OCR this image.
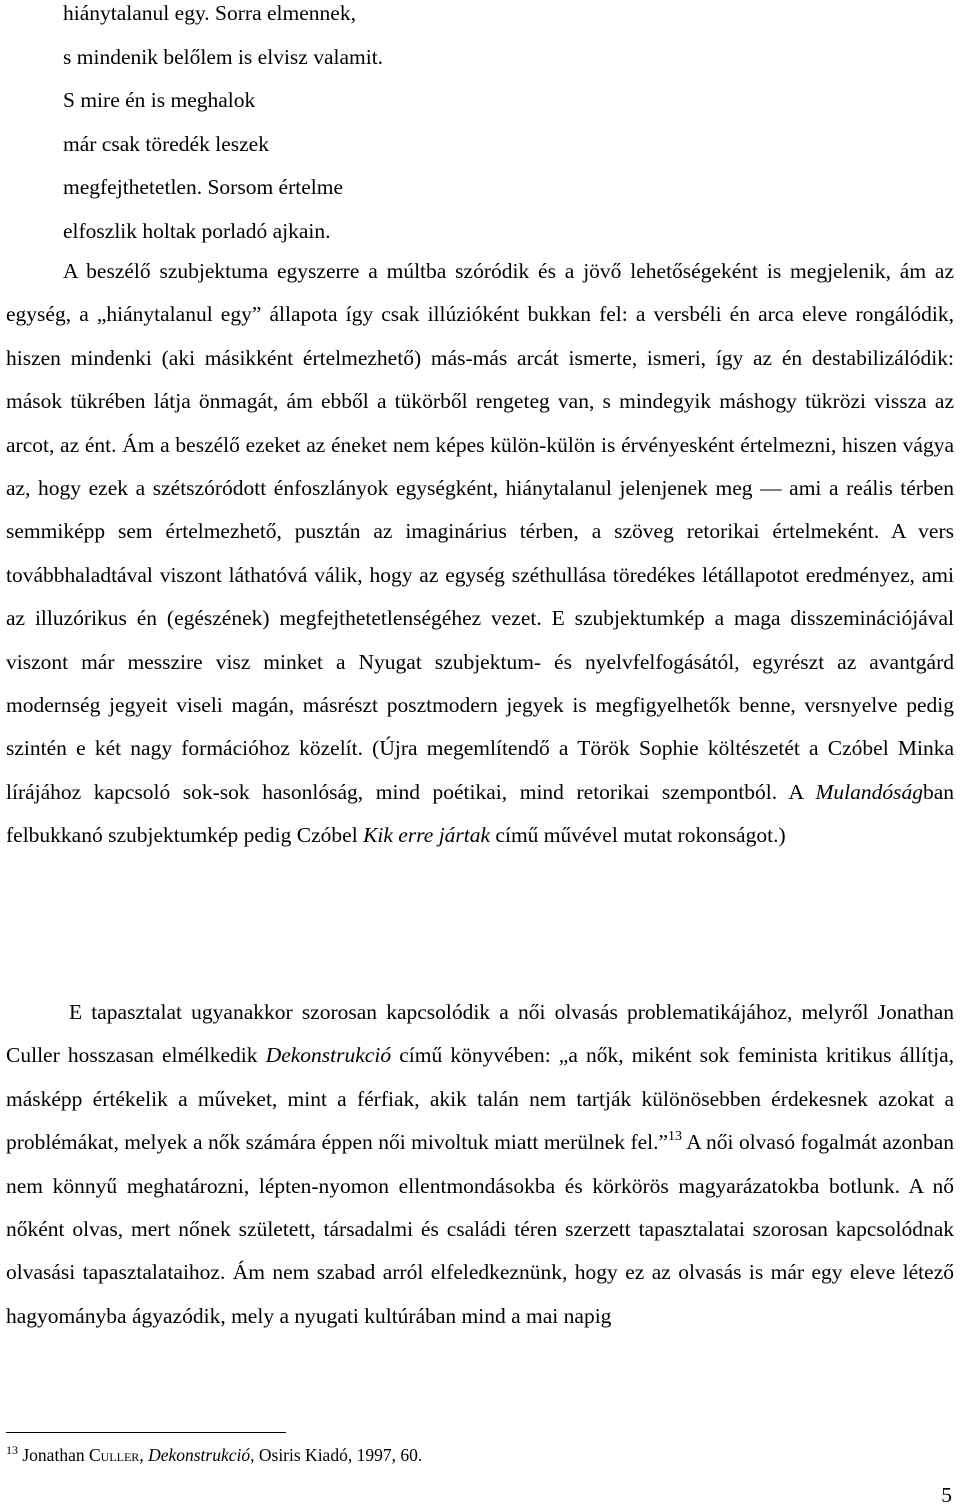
hiánytalanul egy. Sorra elmennek,
s mindenik belőlem is elvisz valamit.
S mire én is meghalok
már csak töredék leszek
megfejthetetlen. Sorsom értelme
elfoszlik holtak porladó ajkain.

A beszélő szubjektuma egyszerre a múltba szóródik és a jövő lehetőségeként is megjelenik, ám az egység, a „hiánytalanul egy” állapota így csak illúzióként bukkan fel: a versbéli én arca eleve rongálódik, hiszen mindenki (aki másikként értelmezhető) más-más arcát ismerte, ismeri, így az én destabilizálódik: mások tükrében látja önmagát, ám ebből a tükörből rengeteg van, s mindegyik máshogy tükrözi vissza az arcot, az ént. Ám a beszélő ezeket az éneket nem képes külön-külön is érvényesként értelmezni, hiszen vágya az, hogy ezek a szétszóródott énfoszlányok egységként, hiánytalanul jelenjenek meg — ami a reális térben semmiképp sem értelmezhető, pusztán az imaginárius térben, a szöveg retorikai értelmeként. A vers továbbhaladtával viszont láthatóvá válik, hogy az egység széthullása töredékes létállapotot eredményez, ami az illuzórikus én (egészének) megfejthetetlenségéhez vezet. E szubjektumkép a maga disszeminációjával viszont már messzire visz minket a Nyugat szubjektum- és nyelvfelfogásától, egyrészt az avantgárd modernség jegyeit viseli magán, másrészt posztmodern jegyek is megfigyelhetők benne, versnyelve pedig szintén e két nagy formációhoz közelít. (Újra megemlítendő a Török Sophie költészetét a Czóbel Minka lírájához kapcsoló sok-sok hasonlóság, mind poétikai, mind retorikai szempontból. A Mulandóságban felbukkanó szubjektumkép pedig Czóbel Kik erre jártak című művével mutat rokonságot.)

E tapasztalat ugyanakkor szorosan kapcsolódik a női olvasás problematikájához, melyről Jonathan Culler hosszasan elmélkedik Dekonstrukció című könyvében: „a nők, miként sok feminista kritikus állítja, másképp értékelik a műveket, mint a férfiak, akik talán nem tartják különösebben érdekesnek azokat a problémákat, melyek a nők számára éppen női mivoltuk miatt merülnek fel.”$^{13}$ A női olvasó fogalmát azonban nem könnyű meghatározni, lépten-nyomon ellentmondásokba és körkörös magyarázatokba botlunk. A nő nőként olvas, mert nőnek született, társadalmi és családi téren szerzett tapasztalatai szorosan kapcsolódnak olvasási tapasztalataihoz. Ám nem szabad arról elfeledkeznünk, hogy ez az olvasás is már egy eleve létező hagyományba ágyazódik, mely a nyugati kultúrában mind a mai napig

$^{13}$ Jonathan Culler, Dekonstrukció, Osiris Kiadó, 1997, 60.
5
